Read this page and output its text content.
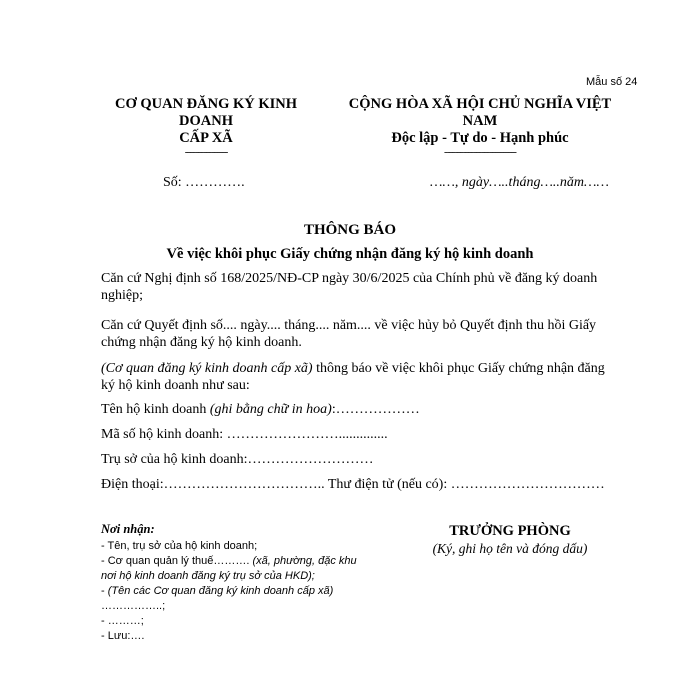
Mẫu số 24
CƠ QUAN ĐĂNG KÝ KINH
DOANH
CẤP XÃ
----------------
CỘNG HÒA XÃ HỘI CHỦ NGHĨA VIỆT
NAM
Độc lập - Tự do - Hạnh phúc
---------------------------
Số: ………….	……, ngày…..tháng…..năm……
THÔNG BÁO
Về việc khôi phục Giấy chứng nhận đăng ký hộ kinh doanh
Căn cứ Nghị định số 168/2025/NĐ-CP ngày 30/6/2025 của Chính phủ về đăng ký doanh nghiệp;
Căn cứ Quyết định số.... ngày.... tháng.... năm.... về việc hủy bỏ Quyết định thu hồi Giấy chứng nhận đăng ký hộ kinh doanh.
(Cơ quan đăng ký kinh doanh cấp xã) thông báo về việc khôi phục Giấy chứng nhận đăng ký hộ kinh doanh như sau:
Tên hộ kinh doanh (ghi bằng chữ in hoa):………………
Mã số hộ kinh doanh: ……………………..............
Trụ sở của hộ kinh doanh:………………………
Điện thoại:…………………………….. Thư điện tử (nếu có): ……………………………
Nơi nhận:
- Tên, trụ sở của hộ kinh doanh;
- Cơ quan quản lý thuế………. (xã, phường, đặc khu
nơi hộ kinh doanh đăng ký trụ sở của HKD);
- (Tên các Cơ quan đăng ký kinh doanh cấp xã)
……………..;
- ………;
- Lưu:….
TRƯỞNG PHÒNG
(Ký, ghi họ tên và đóng dấu)
